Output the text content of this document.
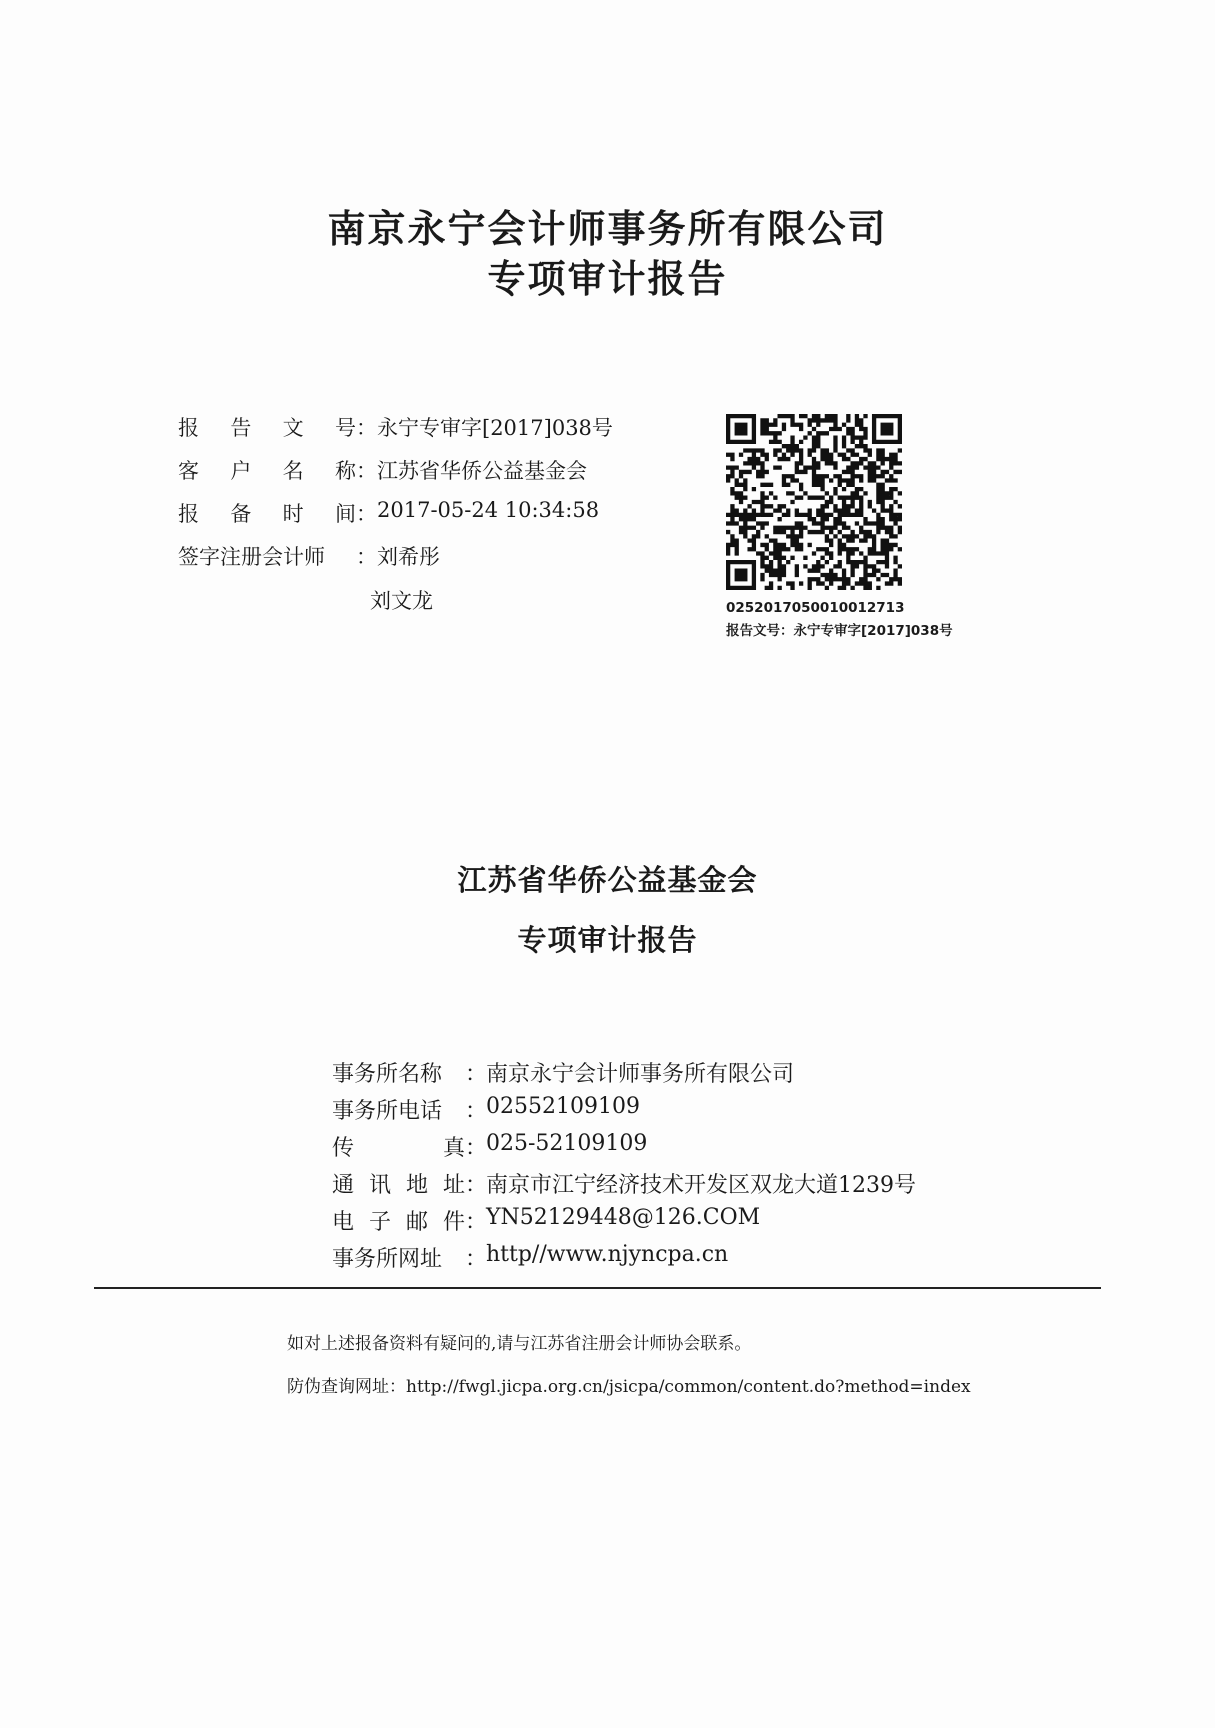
南京永宁会计师事务所有限公司
专项审计报告
报 告 文 号 ： 永宁专审字[2017]038号
客 户 名 称 ： 江苏省华侨公益基金会
报 备 时 间 ： 2017-05-24 10:34:58
签字注册会计师 ： 刘希彤
刘文龙	0252017050010012713
报告文号：永宁专审字[2017]038号
江苏省华侨公益基金会
专项审计报告
事务所名称 ：
南京永宁会计师事务所有限公司
事务所电话 ：
02552109109
传	真 ：
025-52109109
通 讯 地 址 ：
南京市江宁经济技术开发区双龙大道1239号
电 子 邮 件 ：
YN52129448@126.COM
事务所网址 ：
http//www.njyncpa.cn
如对上述报备资料有疑问的,请与江苏省注册会计师协会联系。
防伪查询网址：http://fwgl.jicpa.org.cn/jsicpa/common/content.do?method=index
